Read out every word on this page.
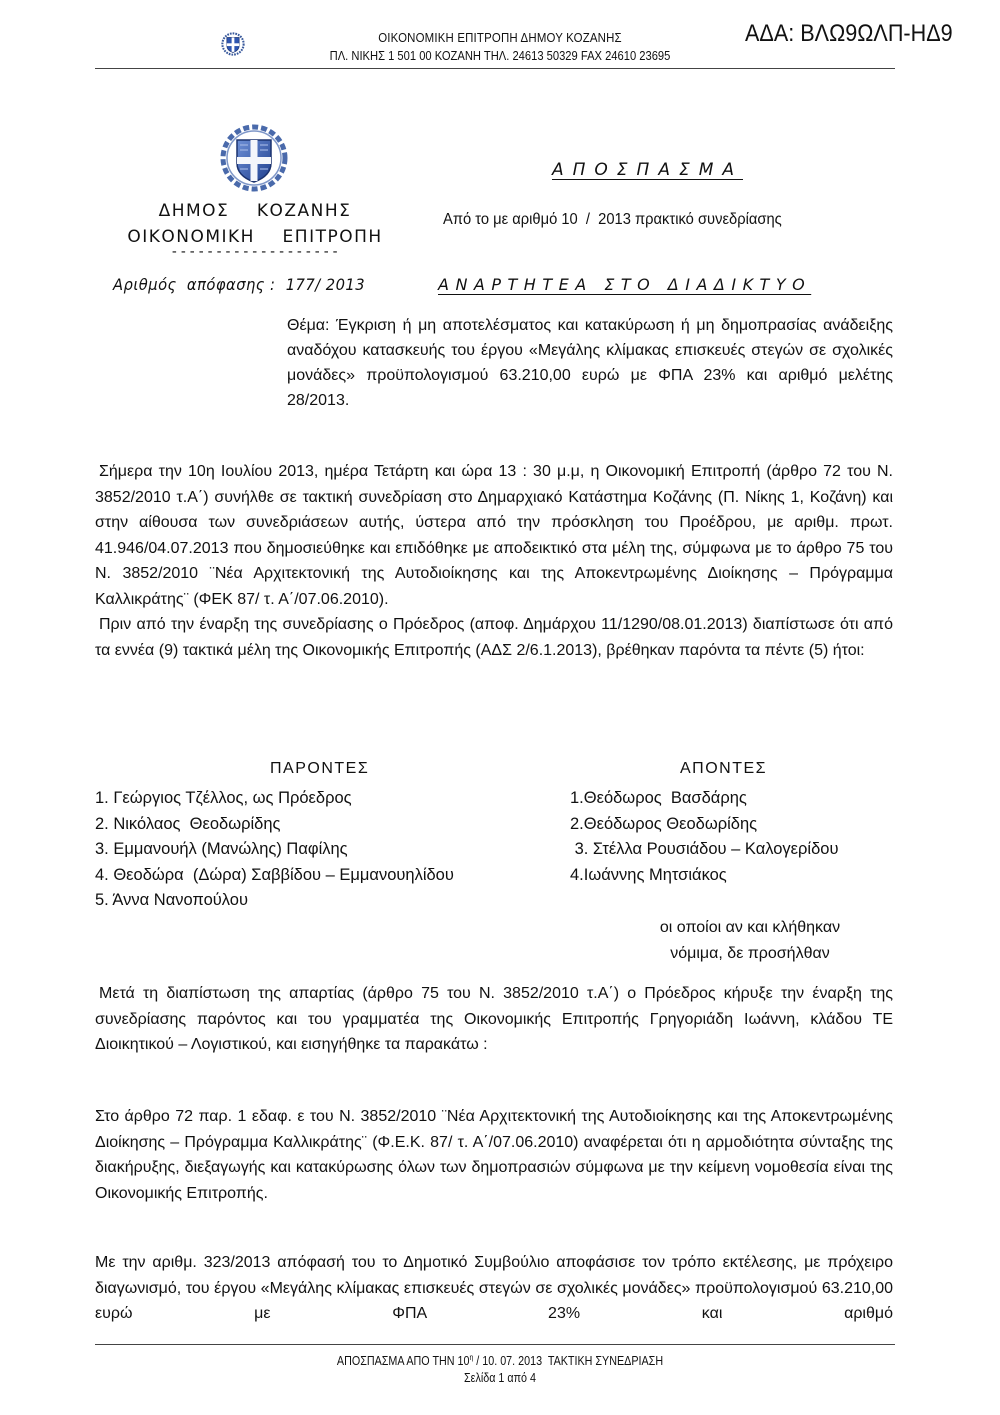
ΟΙΚΟΝΟΜΙΚΗ ΕΠΙΤΡΟΠΗ ΔΗΜΟΥ ΚΟΖΑΝΗΣ
ΠΛ. ΝΙΚΗΣ 1 501 00 ΚΟΖΑΝΗ ΤΗΛ. 24613 50329 FAX 24610 23695
ΑΔΑ: ΒΛΩ9ΩΛΠ-ΗΔ9
ΔΗΜΟΣ    ΚΟΖΑΝΗΣ
ΟΙΚΟΝΟΜΙΚΗ    ΕΠΙΤΡΟΠΗ
-------------------
ΑΠΟΣΠΑΣΜΑ
Από το με αριθμό 10  /  2013 πρακτικό συνεδρίασης
Αριθμός  απόφασης :  177/ 2013	ΑΝΑΡΤΗΤΕΑ ΣΤΟ ΔΙΑΔΙΚΤΥΟ

Θέμα: Έγκριση ή μη αποτελέσματος και κατακύρωση ή μη δημοπρασίας ανάδειξης αναδόχου κατασκευής του έργου «Μεγάλης κλίμακας επισκευές στεγών σε σχολικές μονάδες» προϋπολογισμού 63.210,00 ευρώ με ΦΠΑ 23% και αριθμό μελέτης 28/2013.

Σήμερα την 10η Ιουλίου 2013, ημέρα Τετάρτη και ώρα 13 : 30 μ.μ, η Οικονομική Επιτροπή (άρθρο 72 του Ν. 3852/2010 τ.Α΄) συνήλθε σε τακτική συνεδρίαση στο Δημαρχιακό Κατάστημα Κοζάνης (Π. Νίκης 1, Κοζάνη) και στην αίθουσα των συνεδριάσεων αυτής, ύστερα από την πρόσκληση του Προέδρου, με αριθμ. πρωτ. 41.946/04.07.2013 που δημοσιεύθηκε και επιδόθηκε με αποδεικτικό στα μέλη της, σύμφωνα με το άρθρο 75 του Ν. 3852/2010 ¨Νέα Αρχιτεκτονική της Αυτοδιοίκησης και της Αποκεντρωμένης Διοίκησης – Πρόγραμμα Καλλικράτης¨ (ΦΕΚ 87/ τ. Α΄/07.06.2010).

Πριν από την έναρξη της συνεδρίασης ο Πρόεδρος (αποφ. Δημάρχου 11/1290/08.01.2013) διαπίστωσε ότι από τα εννέα (9) τακτικά μέλη της Οικονομικής Επιτροπής (ΑΔΣ 2/6.1.2013), βρέθηκαν παρόντα τα πέντε (5) ήτοι:

ΠΑΡΟΝΤΕΣ	ΑΠΟΝΤΕΣ
1. Γεώργιος Τζέλλος, ως Πρόεδρος
2. Νικόλαος  Θεοδωρίδης
3. Εμμανουήλ (Μανώλης) Παφίλης
4. Θεοδώρα  (Δώρα) Σαββίδου – Εμμανουηλίδου
5. Άννα Νανοπούλου
1.Θεόδωρος  Βασδάρης
2.Θεόδωρος Θεοδωρίδης
3. Στέλλα Ρουσιάδου – Καλογερίδου
4.Ιωάννης Μητσιάκος
οι οποίοι αν και κλήθηκαν
νόμιμα, δε προσήλθαν

Μετά τη διαπίστωση της απαρτίας (άρθρο 75 του Ν. 3852/2010 τ.Α΄) ο Πρόεδρος κήρυξε την έναρξη της συνεδρίασης παρόντος και του γραμματέα της Οικονομικής Επιτροπής Γρηγοριάδη Ιωάννη, κλάδου ΤΕ Διοικητικού – Λογιστικού, και εισηγήθηκε τα παρακάτω :

Στο άρθρο 72 παρ. 1 εδαφ. ε του Ν. 3852/2010 ¨Νέα Αρχιτεκτονική της Αυτοδιοίκησης και της Αποκεντρωμένης Διοίκησης – Πρόγραμμα Καλλικράτης¨ (Φ.Ε.Κ. 87/ τ. Α΄/07.06.2010) αναφέρεται ότι η αρμοδιότητα σύνταξης της διακήρυξης, διεξαγωγής και κατακύρωσης όλων των δημοπρασιών σύμφωνα με την κείμενη νομοθεσία είναι της Οικονομικής Επιτροπής.

Με την αριθμ. 323/2013 απόφασή του το Δημοτικό Συμβούλιο αποφάσισε τον τρόπο εκτέλεσης, με πρόχειρο διαγωνισμό, του έργου «Μεγάλης κλίμακας επισκευές στεγών σε σχολικές μονάδες» προϋπολογισμού 63.210,00 ευρώ με ΦΠΑ 23% και αριθμό

ΑΠΟΣΠΑΣΜΑ ΑΠΟ ΤΗΝ $10^\eta / 10$. 07. 2013  ΤΑΚΤΙΚΗ ΣΥΝΕΔΡΙΑΣΗ
Σελίδα 1 από 4
